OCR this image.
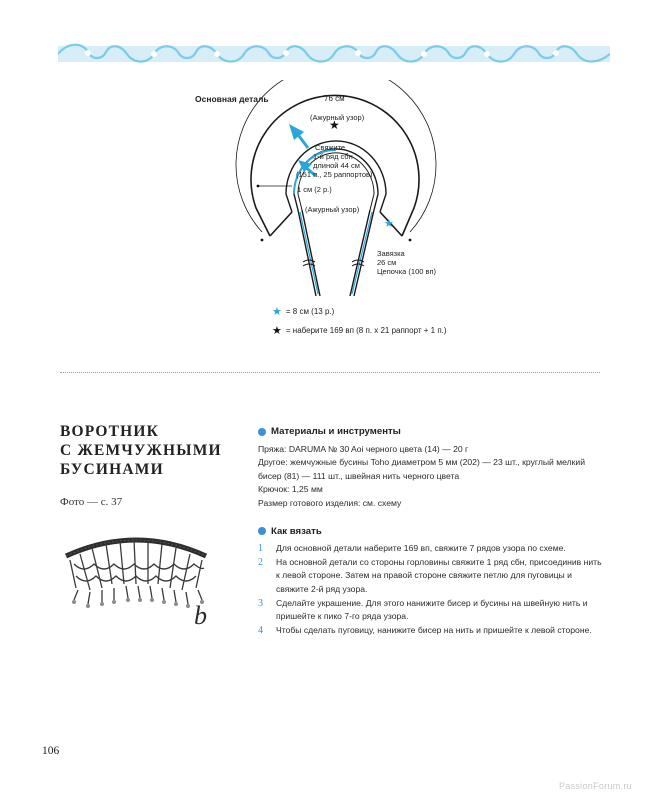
★
★
Основная деталь	76 см
(Ажурный узор)
Свяжите
1-й ряд сбн
длиной 44 см
(151 п., 25 раппортов)
1 см (2 р.)
(Ажурный узор)
Завязка
26 см
Цепочка (100 вп)
★ = 8 см (13 р.)
★ = наберите 169 вп (8 п. х 21 раппорт + 1 п.)
ВОРОТНИК
С ЖЕМЧУЖНЫМИ
БУСИНАМИ
Фото — с. 37
b
Материалы и инструменты

Пряжа: DARUMA № 30 Aoi черного цвета (14) — 20 г

Другое: жемчужные бусины Toho диаметром 5 мм (202) — 23 шт., круглый мелкий бисер (81) — 111 шт., швейная нить черного цвета

Крючок: 1,25 мм

Размер готового изделия: см. схему

Как вязать
1	Для основной детали наберите 169 вп, свяжите 7 рядов узора по схеме.
2	На основной детали со стороны горловины свяжите 1 ряд сбн, присоединив нить к левой стороне. Затем на правой стороне свяжите петлю для пуговицы и свяжите 2-й ряд узора.
3	Сделайте украшение. Для этого нанижите бисер и бусины на швейную нить и пришейте к пико 7-го ряда узора.
4	Чтобы сделать пуговицу, нанижите бисер на нить и пришейте к левой стороне.
106
PassionForum.ru
